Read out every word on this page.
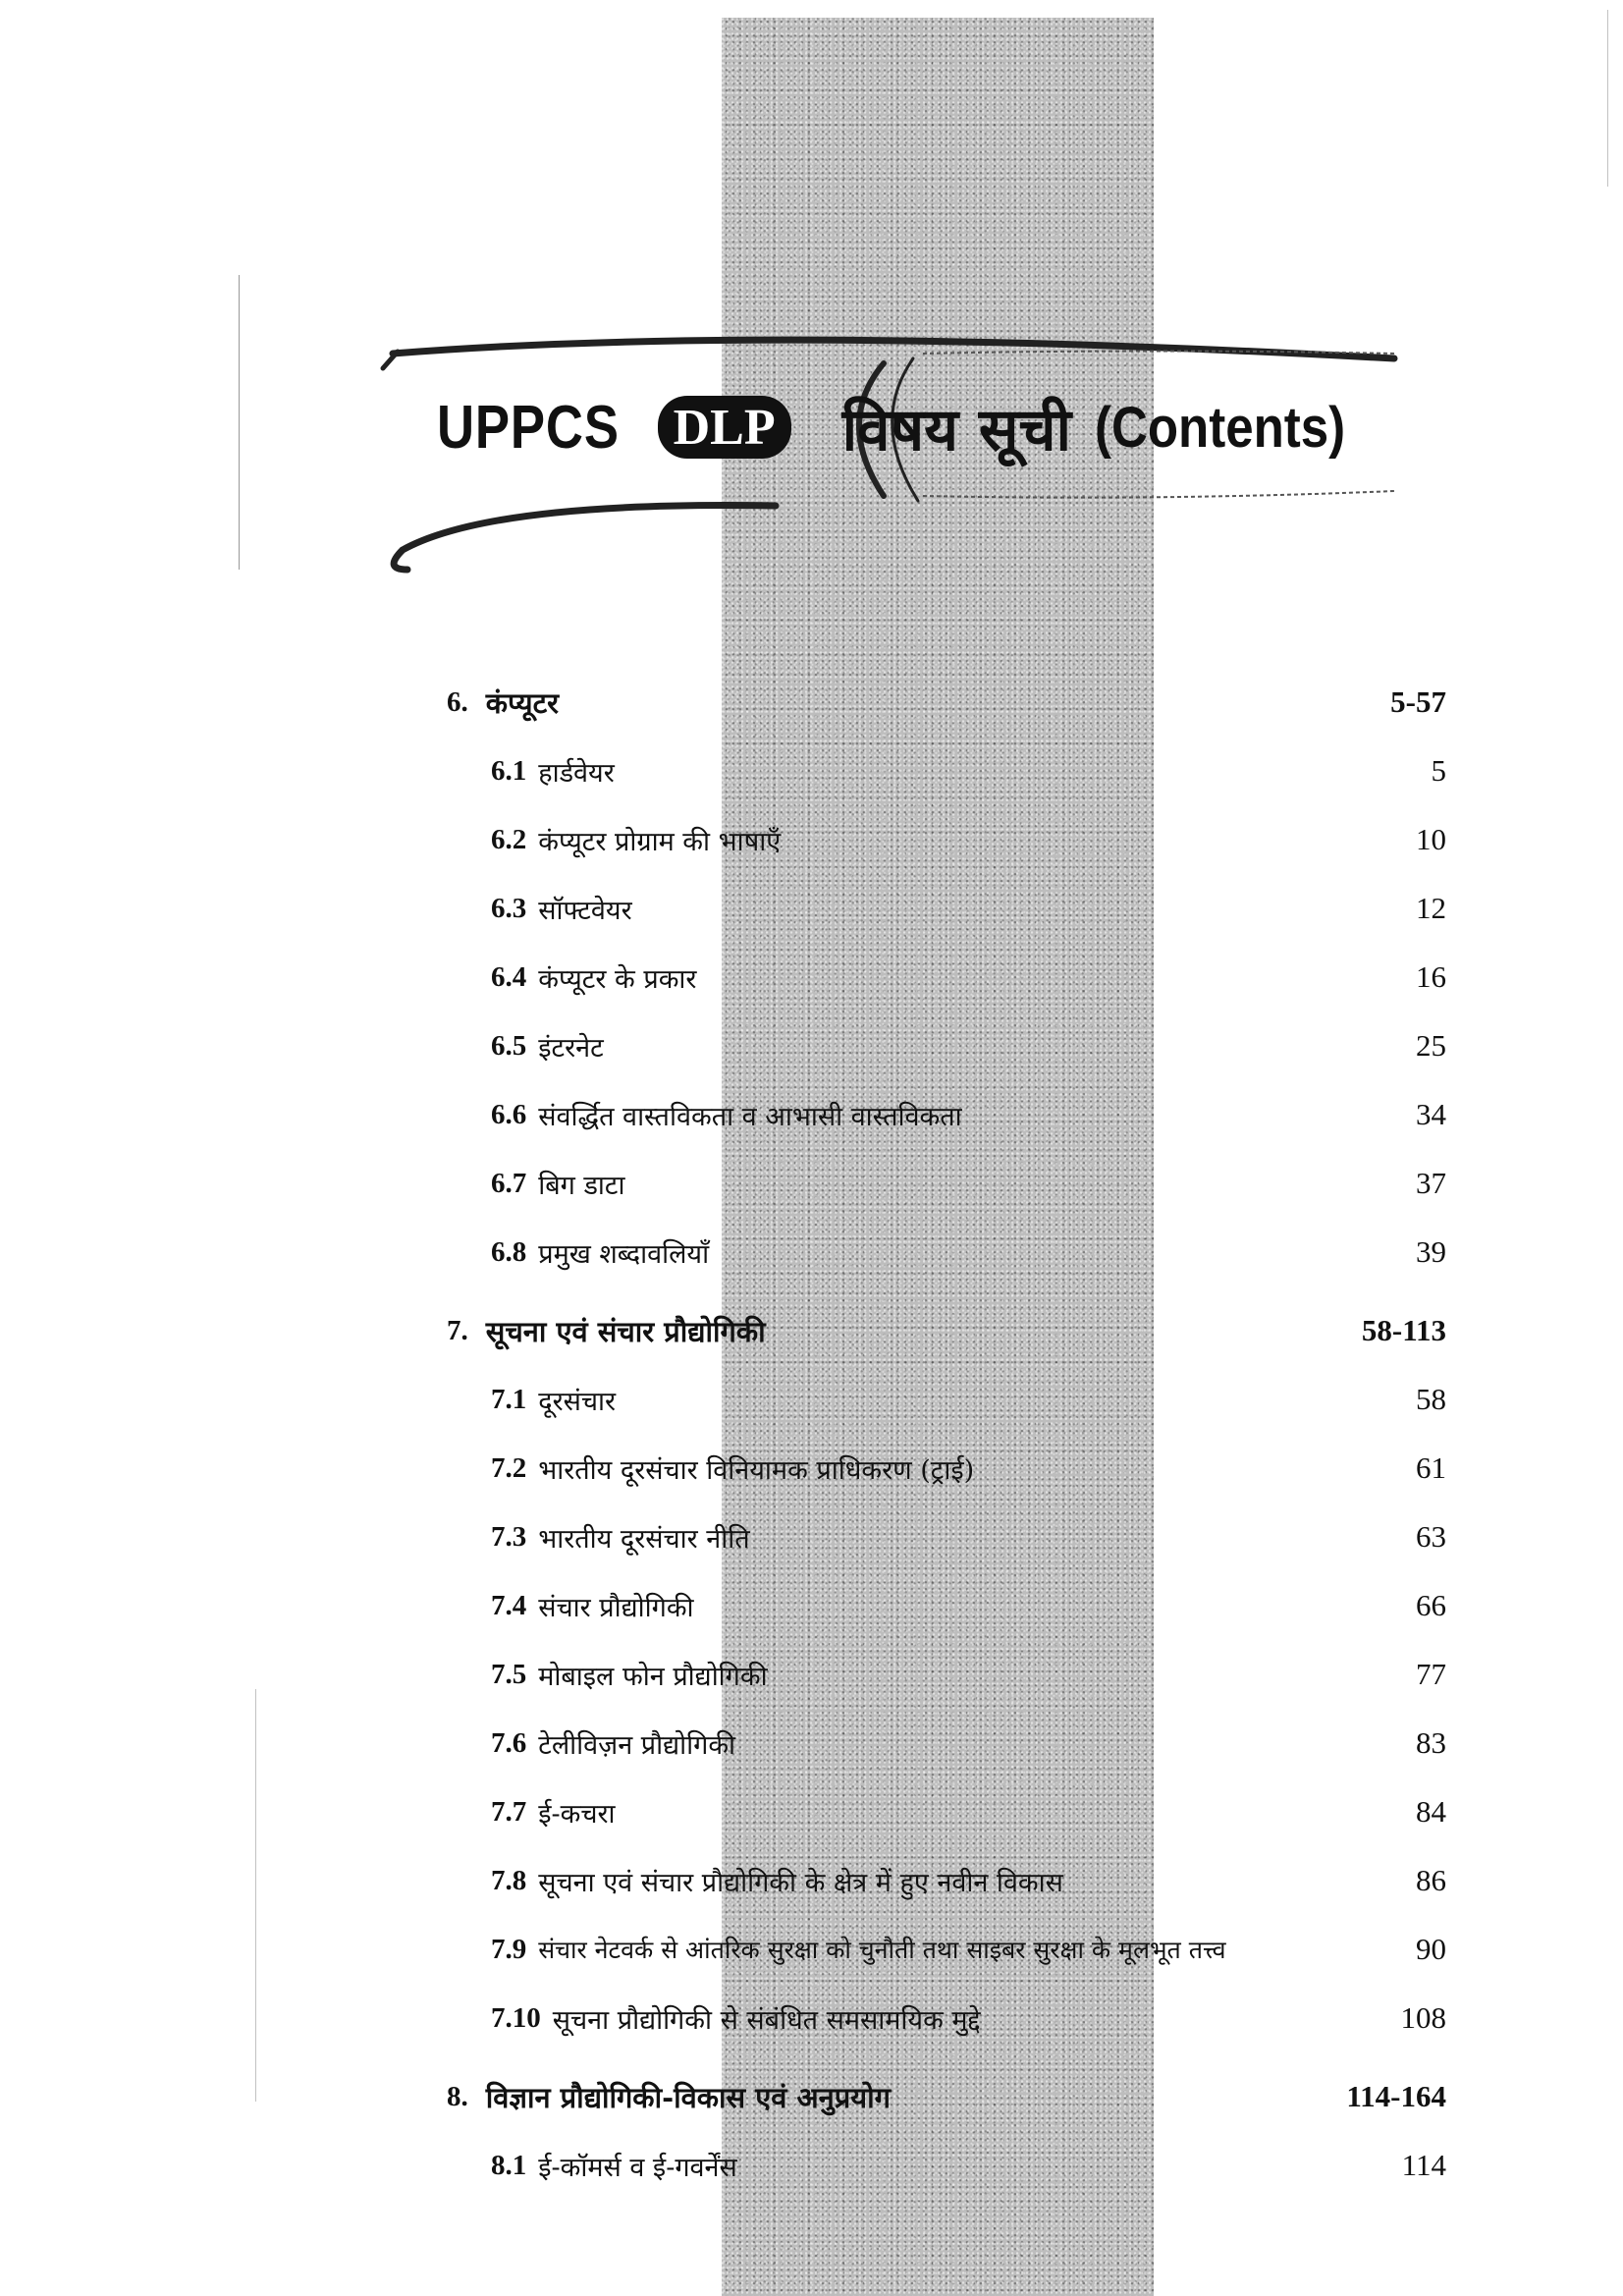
UPPCS	DLP विषय सूची (Contents)
6. कंप्यूटर	5-57
6.1 हार्डवेयर	5
6.2 कंप्यूटर प्रोग्राम की भाषाएँ	10
6.3 सॉफ्टवेयर	12
6.4 कंप्यूटर के प्रकार	16
6.5 इंटरनेट	25
6.6 संवर्द्धित वास्तविकता व आभासी वास्तविकता	34
6.7 बिग डाटा	37
6.8 प्रमुख शब्दावलियाँ	39
7. सूचना एवं संचार प्रौद्योगिकी	58-113
7.1 दूरसंचार	58
7.2 भारतीय दूरसंचार विनियामक प्राधिकरण (ट्राई)	61
7.3 भारतीय दूरसंचार नीति	63
7.4 संचार प्रौद्योगिकी	66
7.5 मोबाइल फोन प्रौद्योगिकी	77
7.6 टेलीविज़न प्रौद्योगिकी	83
7.7 ई-कचरा	84
7.8 सूचना एवं संचार प्रौद्योगिकी के क्षेत्र में हुए नवीन विकास	86
7.9 संचार नेटवर्क से आंतरिक सुरक्षा को चुनौती तथा साइबर सुरक्षा के मूलभूत तत्त्व	90
7.10 सूचना प्रौद्योगिकी से संबंधित समसामयिक मुद्दे	108
8. विज्ञान प्रौद्योगिकी-विकास एवं अनुप्रयोग	114-164
8.1 ई-कॉमर्स व ई-गवर्नेंस	114
